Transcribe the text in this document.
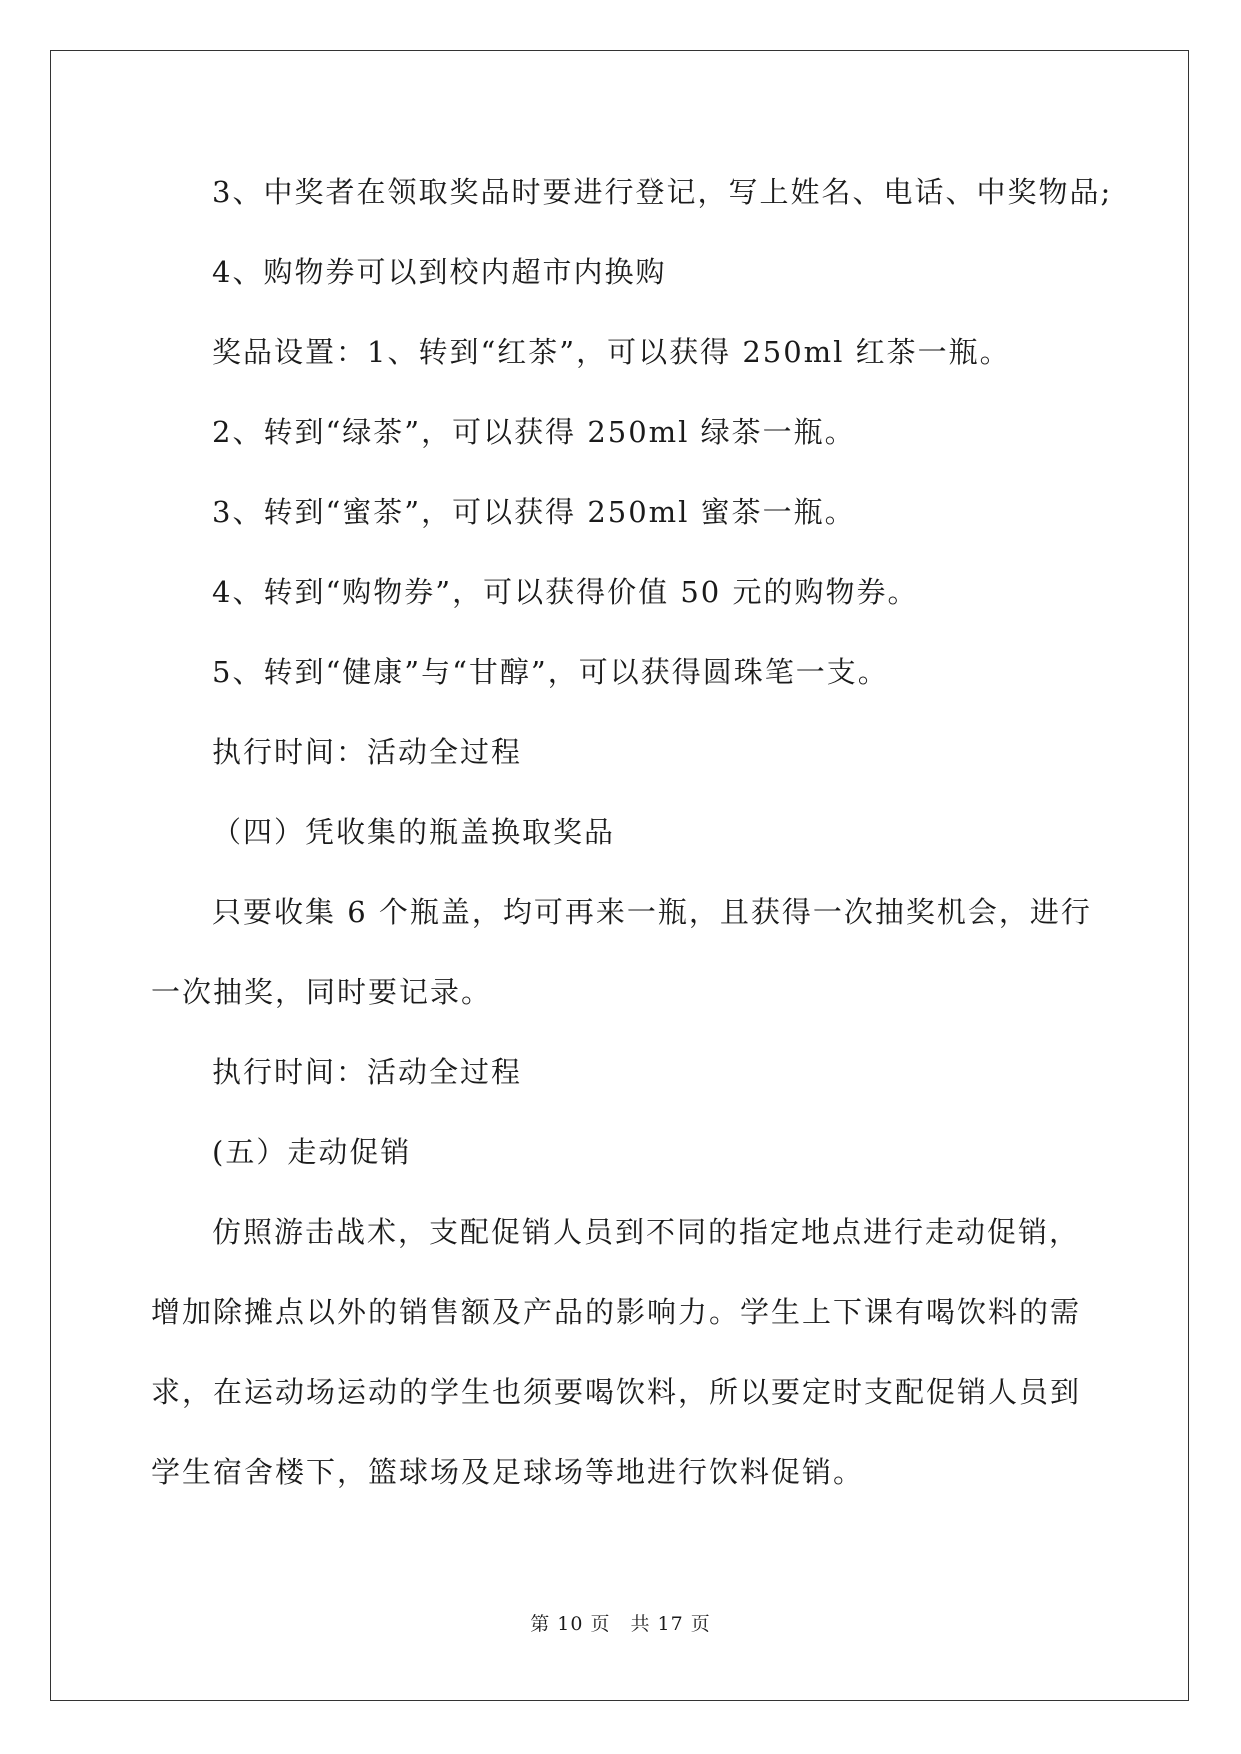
3、中奖者在领取奖品时要进行登记，写上姓名、电话、中奖物品;

4、购物券可以到校内超市内换购

奖品设置：1、转到“红茶”，可以获得 250ml 红茶一瓶。

2、转到“绿茶”，可以获得 250ml 绿茶一瓶。

3、转到“蜜茶”，可以获得 250ml 蜜茶一瓶。

4、转到“购物券”，可以获得价值 50 元的购物券。

5、转到“健康”与“甘醇”，可以获得圆珠笔一支。

执行时间：活动全过程

（四）凭收集的瓶盖换取奖品

只要收集 6 个瓶盖，均可再来一瓶，且获得一次抽奖机会，进行

一次抽奖，同时要记录。

执行时间：活动全过程

(五）走动促销

仿照游击战术，支配促销人员到不同的指定地点进行走动促销，

增加除摊点以外的销售额及产品的影响力。学生上下课有喝饮料的需

求，在运动场运动的学生也须要喝饮料，所以要定时支配促销人员到

学生宿舍楼下，篮球场及足球场等地进行饮料促销。

第 10 页　共 17 页
